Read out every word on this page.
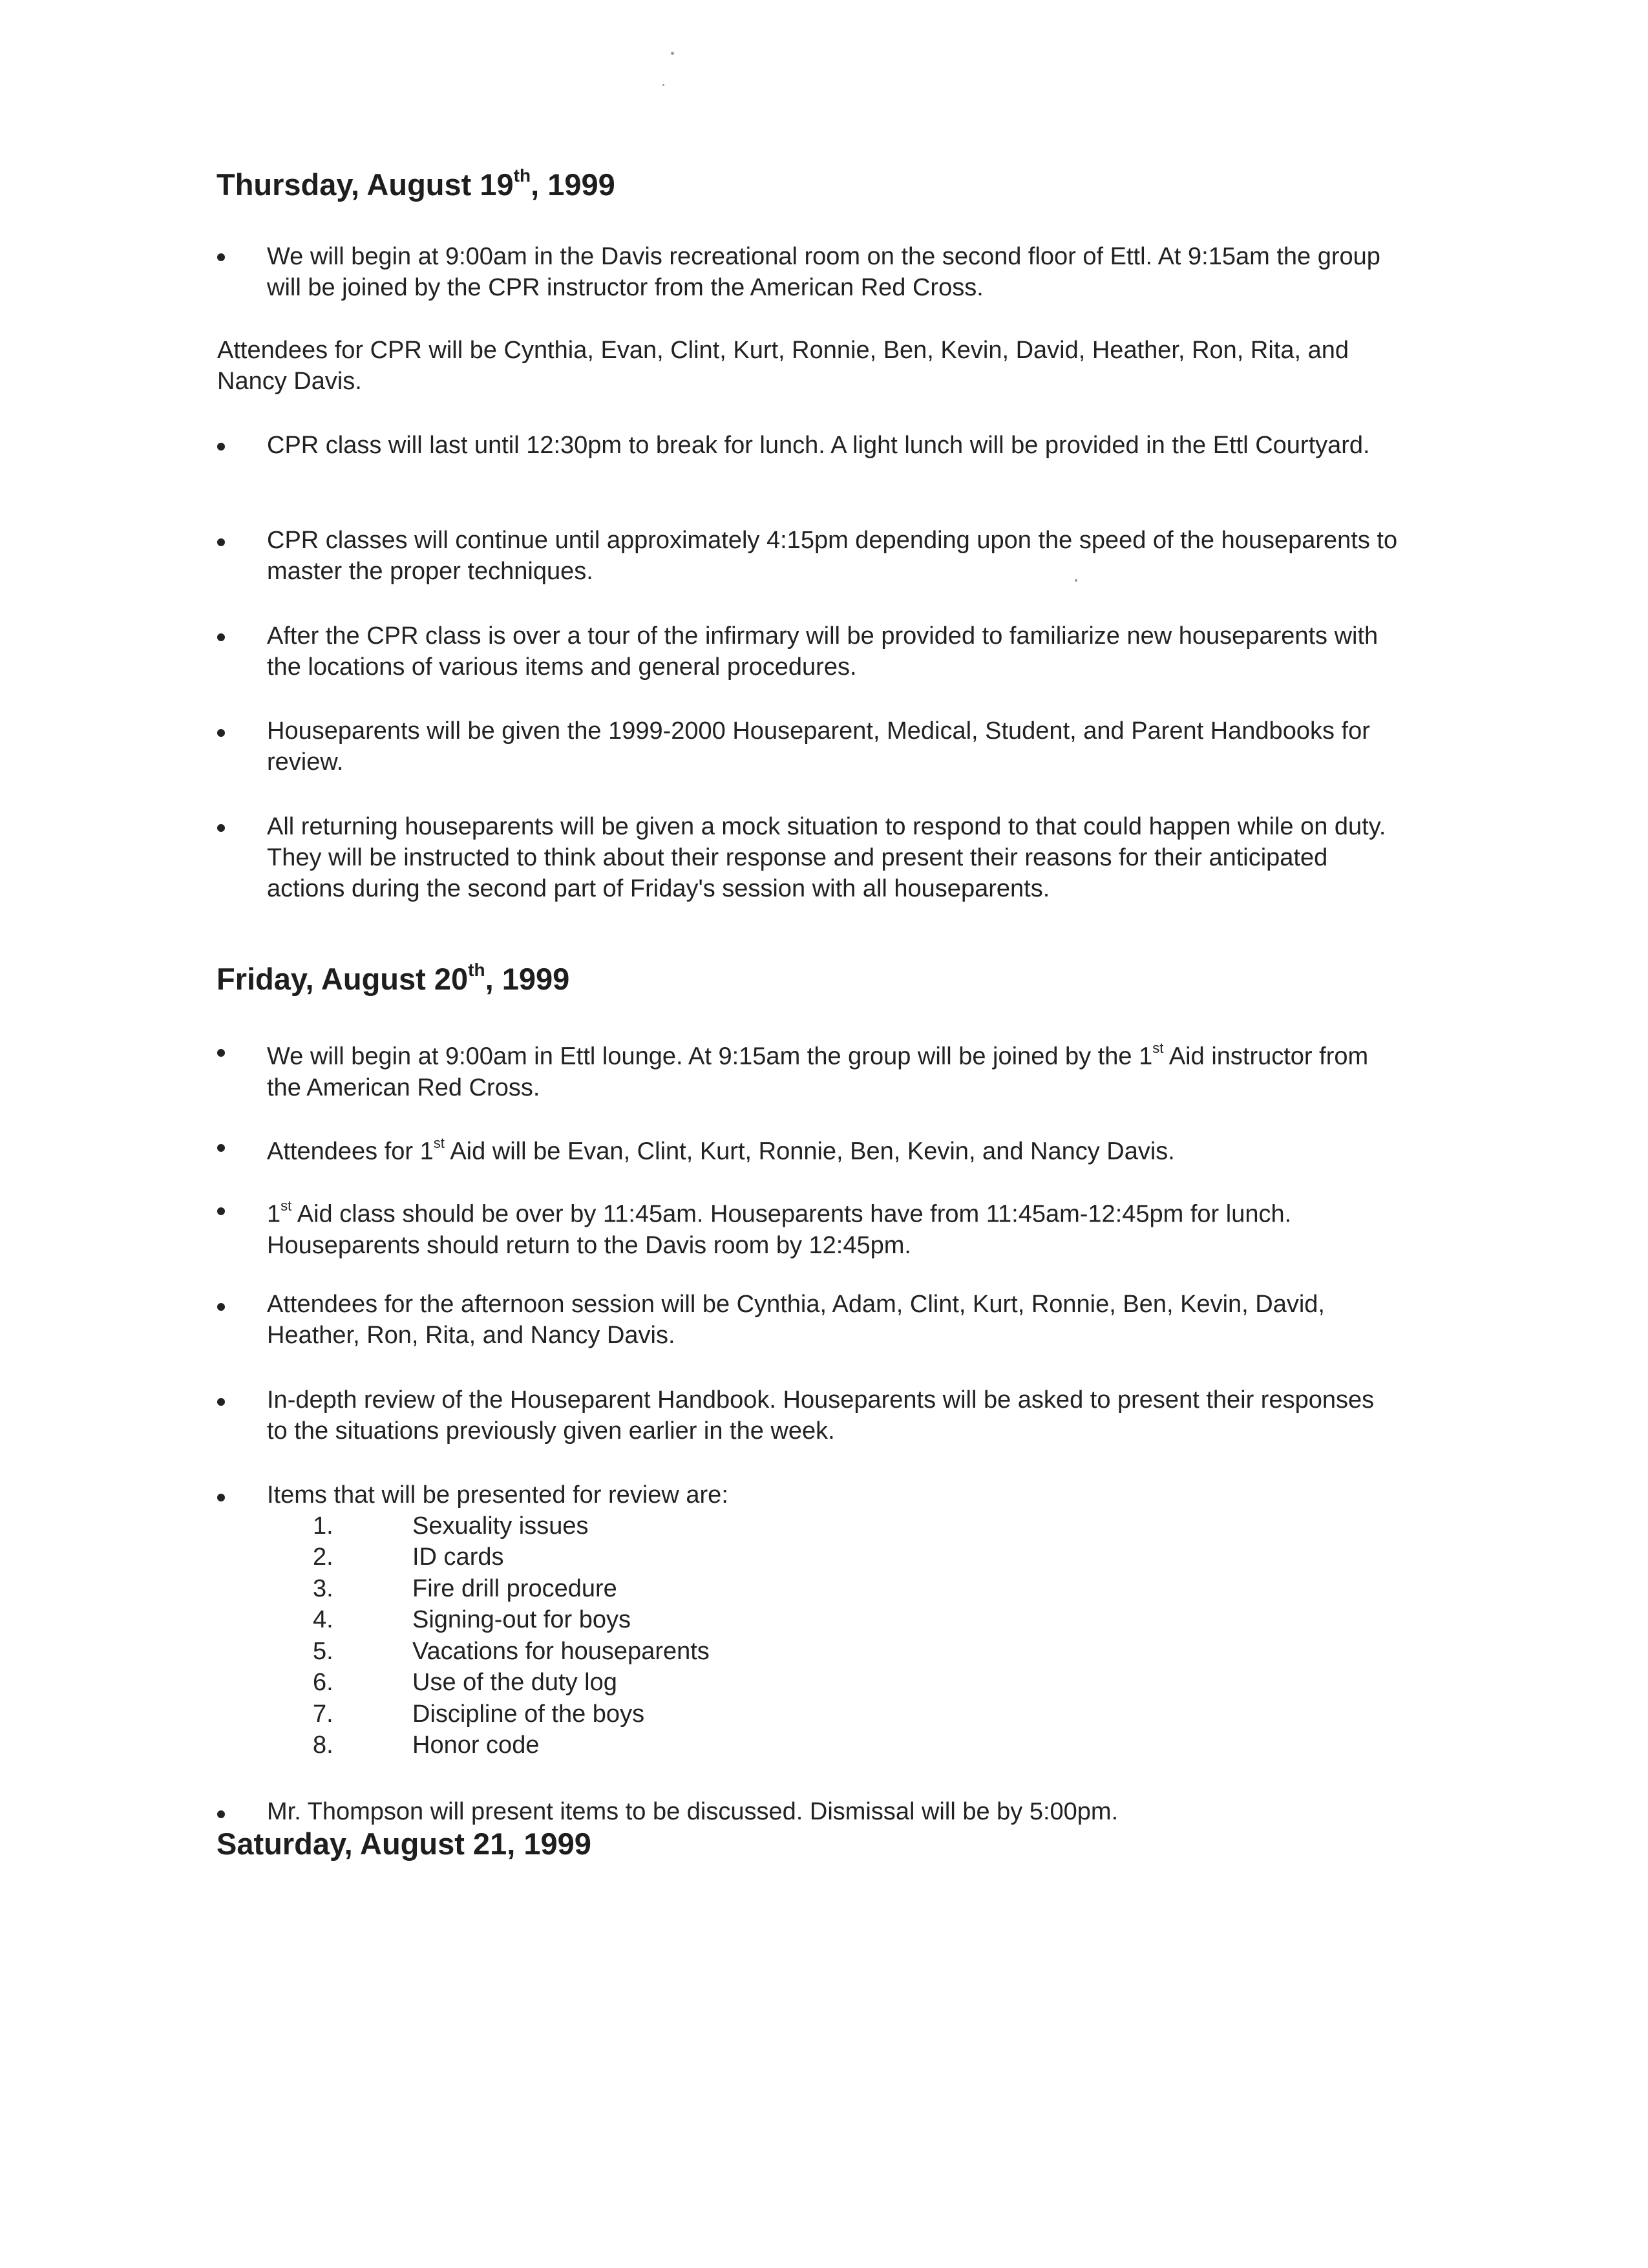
Thursday, August 19th, 1999
We will begin at 9:00am in the Davis recreational room on the second floor of Ettl. At 9:15am the group will be joined by the CPR instructor from the American Red Cross.
Attendees for CPR will be Cynthia, Evan, Clint, Kurt, Ronnie, Ben, Kevin, David, Heather, Ron, Rita, and Nancy Davis.
CPR class will last until 12:30pm to break for lunch. A light lunch will be provided in the Ettl Courtyard.
CPR classes will continue until approximately 4:15pm depending upon the speed of the houseparents to master the proper techniques.
After the CPR class is over a tour of the infirmary will be provided to familiarize new houseparents with the locations of various items and general procedures.
Houseparents will be given the 1999-2000 Houseparent, Medical, Student, and Parent Handbooks for review.
All returning houseparents will be given a mock situation to respond to that could happen while on duty. They will be instructed to think about their response and present their reasons for their anticipated actions during the second part of Friday's session with all houseparents.
Friday, August 20th, 1999
We will begin at 9:00am in Ettl lounge. At 9:15am the group will be joined by the 1st Aid instructor from the American Red Cross.
Attendees for 1st Aid will be Evan, Clint, Kurt, Ronnie, Ben, Kevin, and Nancy Davis.
1st Aid class should be over by 11:45am. Houseparents have from 11:45am-12:45pm for lunch. Houseparents should return to the Davis room by 12:45pm.
Attendees for the afternoon session will be Cynthia, Adam, Clint, Kurt, Ronnie, Ben, Kevin, David, Heather, Ron, Rita, and Nancy Davis.
In-depth review of the Houseparent Handbook. Houseparents will be asked to present their responses to the situations previously given earlier in the week.
Items that will be presented for review are:
1.	Sexuality issues
2.	ID cards
3.	Fire drill procedure
4.	Signing-out for boys
5.	Vacations for houseparents
6.	Use of the duty log
7.	Discipline of the boys
8.	Honor code
Mr. Thompson will present items to be discussed. Dismissal will be by 5:00pm.
Saturday, August 21, 1999
